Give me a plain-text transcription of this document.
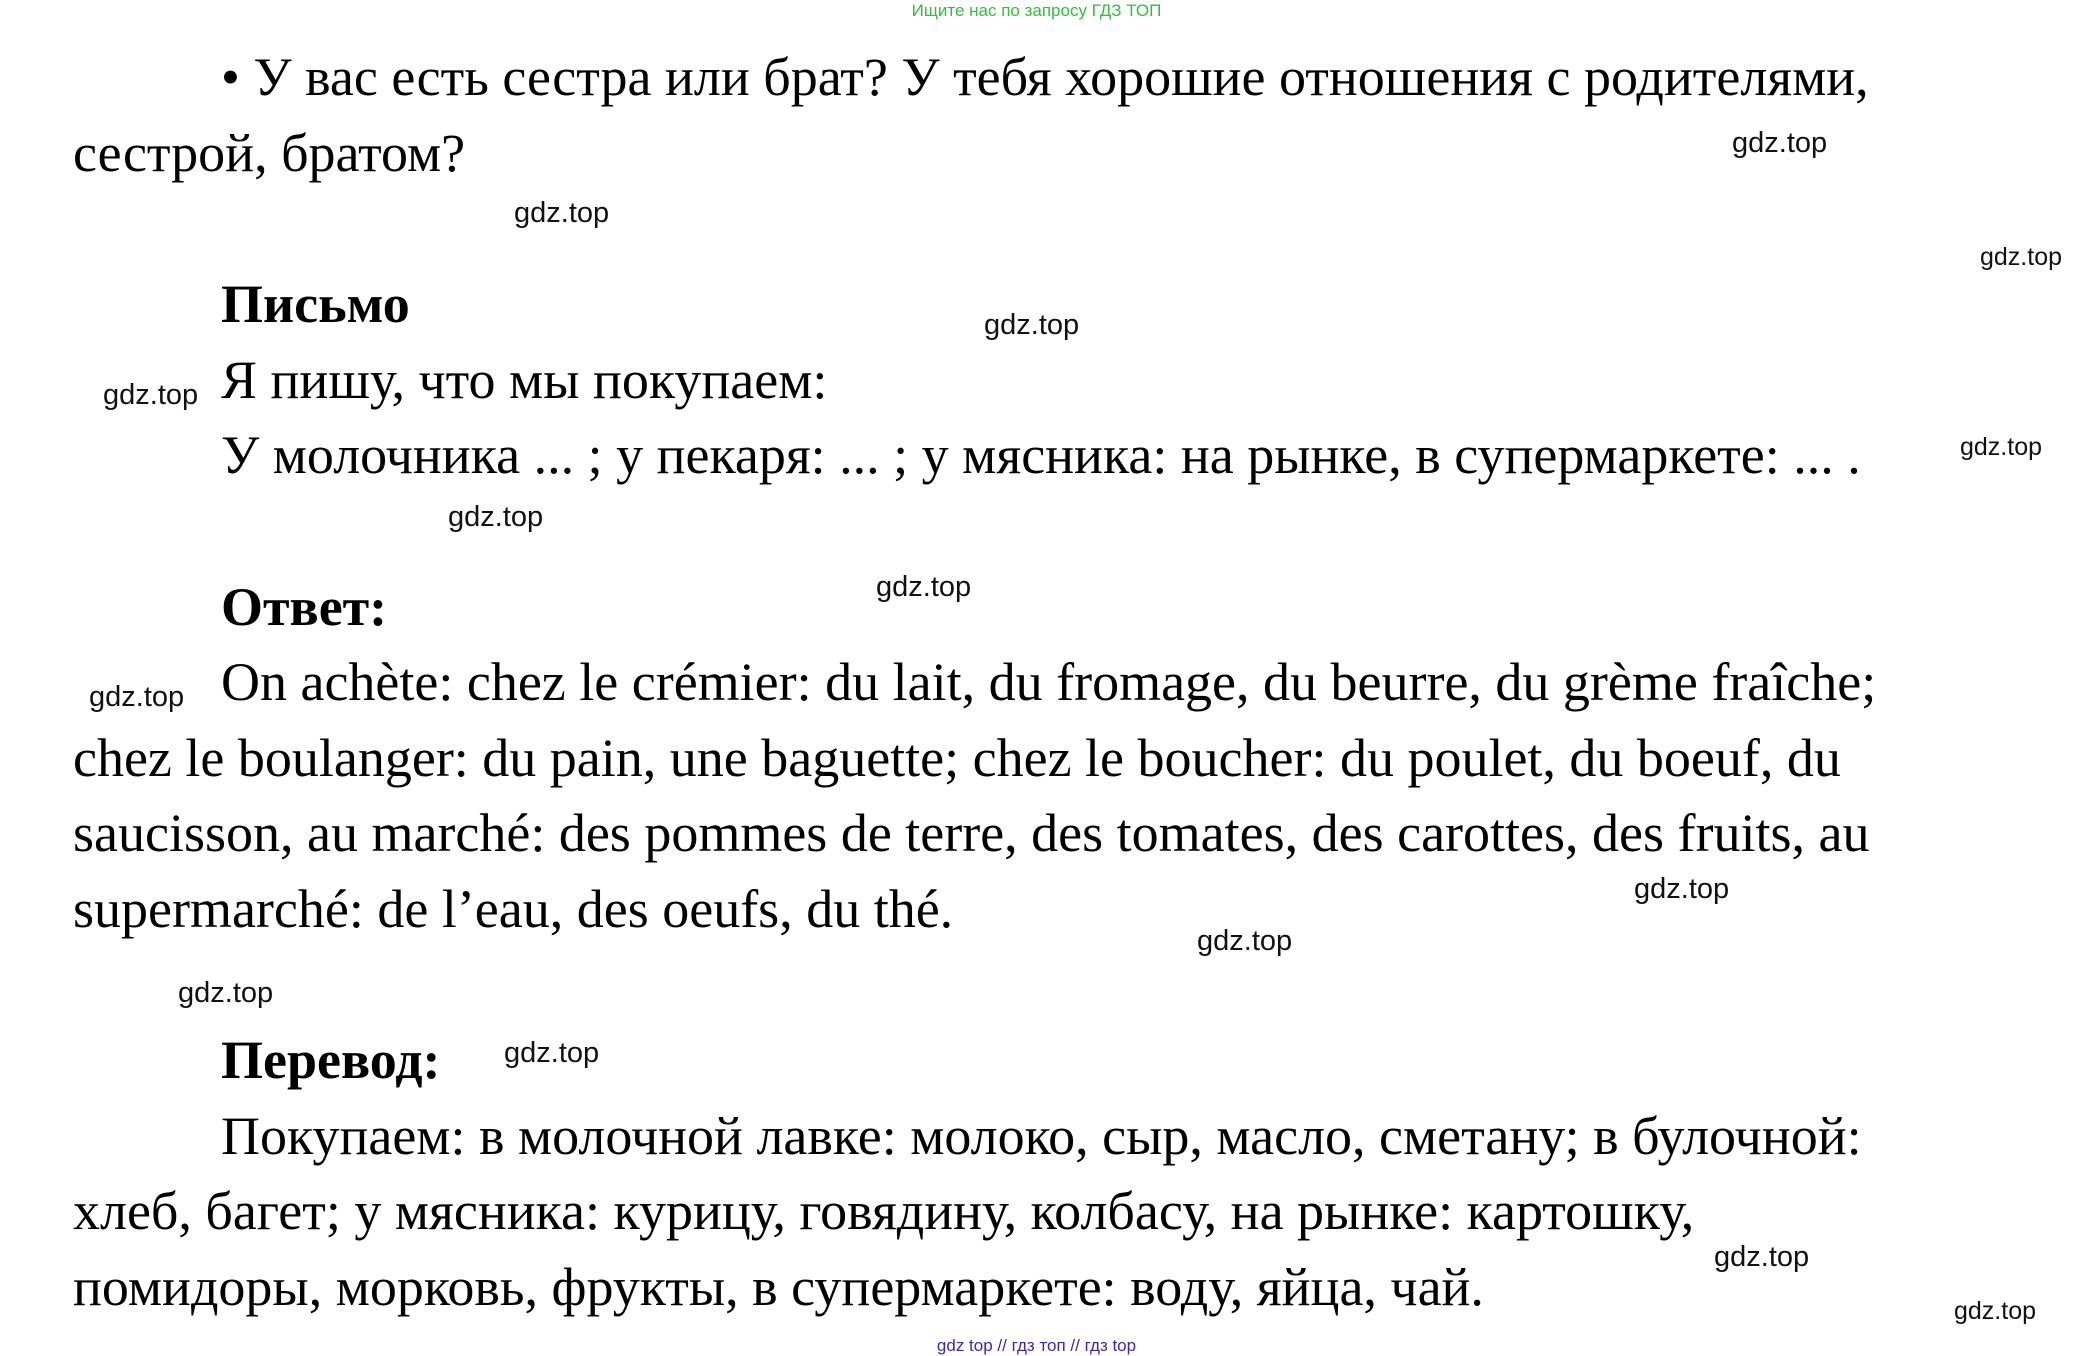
Ищите нас по запросу ГДЗ ТОП

• У вас есть сестра или брат? У тебя хорошие отношения с родителями,
сестрой, братом?

Письмо

Я пишу, что мы покупаем:
У молочника ... ; у пекаря: ... ; у мясника: на рынке, в супермаркете: ... .

Ответ:

On achète: chez le crémier: du lait, du fromage, du beurre, du grème fraîche;
chez le boulanger: du pain, une baguette; chez le boucher: du poulet, du boeuf, du
saucisson, au marché: des pommes de terre, des tomates, des carottes, des fruits, au
supermarché: de l’eau, des oeufs, du thé.

Перевод:

Покупаем: в молочной лавке: молоко, сыр, масло, сметану; в булочной:
хлеб, багет; у мясника: курицу, говядину, колбасу, на рынке: картошку,
помидоры, морковь, фрукты, в супермаркете: воду, яйца, чай.

gdz.top
gdz.top
gdz.top
gdz.top
gdz.top
gdz.top
gdz.top
gdz.top
gdz.top
gdz.top
gdz.top
gdz.top
gdz.top
gdz.top
gdz.top
gdz top // гдз топ // гдз top
